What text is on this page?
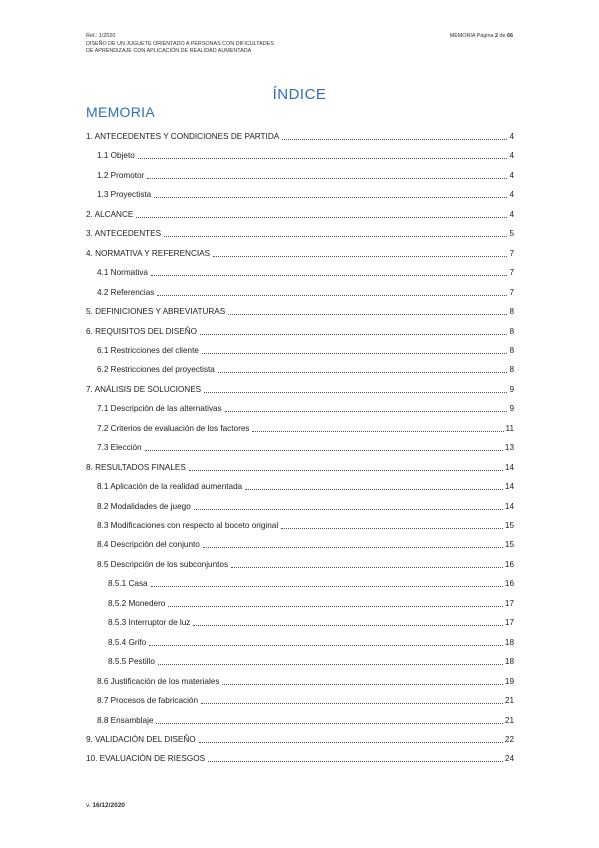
Ref.: 1/2020
DISEÑO DE UN JUGUETE ORIENTADO A PERSONAS CON DIFICULTADES
DE APRENDIZAJE CON APLICACIÓN DE REALIDAD AUMENTADA
MEMORIA Página 2 de 66
ÍNDICE
MEMORIA
1. ANTECEDENTES Y CONDICIONES DE PARTIDA	4
1.1 Objeto	4
1.2 Promotor	4
1.3 Proyectista	4
2. ALCANCE	4
3. ANTECEDENTES	5
4. NORMATIVA Y REFERENCIAS	7
4.1 Normativa	7
4.2 Referencias	7
5. DEFINICIONES Y ABREVIATURAS	8
6. REQUISITOS DEL DISEÑO	8
6.1 Restricciones del cliente	8
6.2 Restricciones del proyectista	8
7. ANÁLISIS DE SOLUCIONES	9
7.1 Descripción de las alternativas	9
7.2 Criterios de evaluación de los factores	11
7.3 Elección	13
8. RESULTADOS FINALES	14
8.1 Aplicación de la realidad aumentada	14
8.2 Modalidades de juego	14
8.3 Modificaciones con respecto al boceto original	15
8.4 Descripción del conjunto	15
8.5 Descripción de los subconjuntos	16
8.5.1 Casa	16
8.5.2 Monedero	17
8.5.3 Interruptor de luz	17
8.5.4 Grifo	18
8.5.5 Pestillo	18
8.6 Justificación de los materiales	19
8.7 Procesos de fabricación	21
8.8 Ensamblaje	21
9. VALIDACIÓN DEL DISEÑO	22
10. EVALUACIÓN DE RIESGOS	24
v. 16/12/2020
